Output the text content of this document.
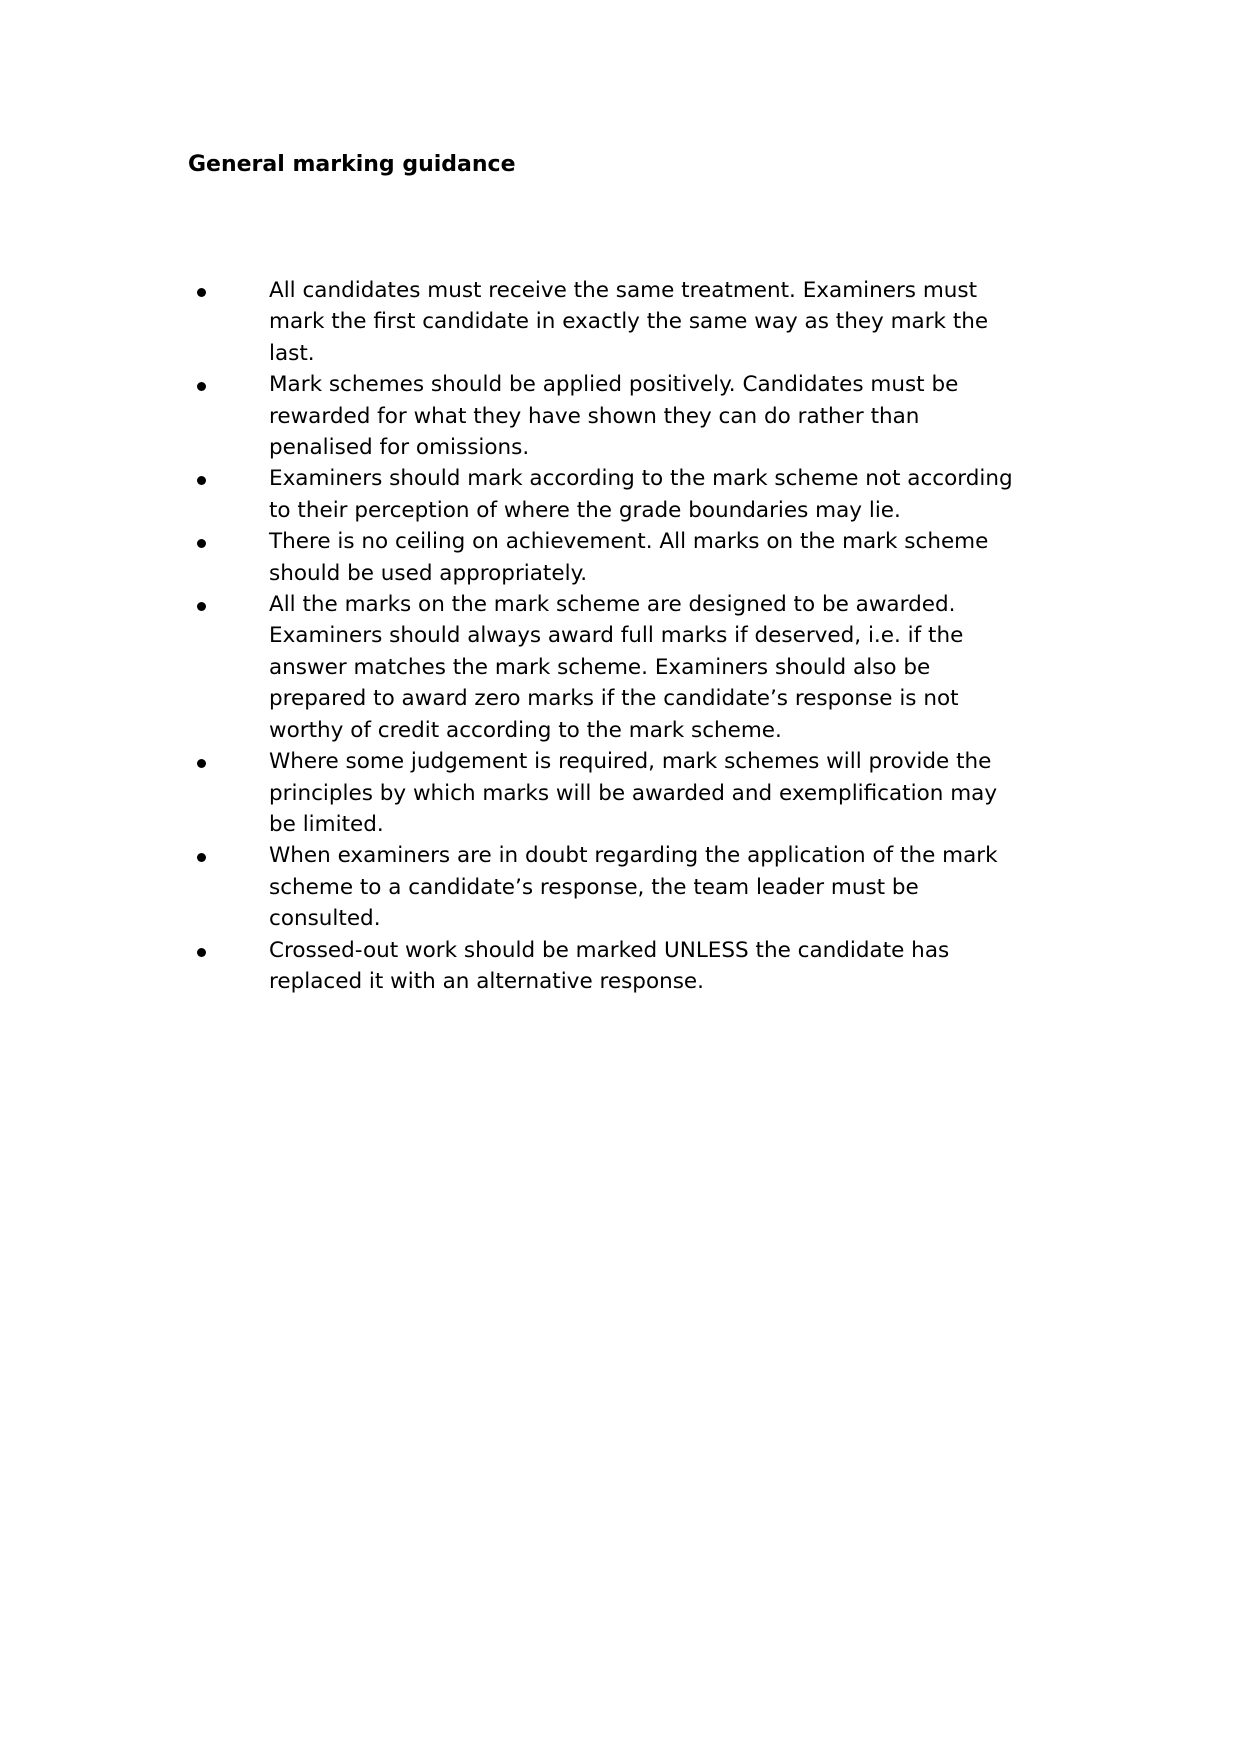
General marking guidance
All candidates must receive the same treatment. Examiners must mark the first candidate in exactly the same way as they mark the last.
Mark schemes should be applied positively. Candidates must be rewarded for what they have shown they can do rather than penalised for omissions.
Examiners should mark according to the mark scheme not according to their perception of where the grade boundaries may lie.
There is no ceiling on achievement. All marks on the mark scheme should be used appropriately.
All the marks on the mark scheme are designed to be awarded. Examiners should always award full marks if deserved, i.e. if the answer matches the mark scheme. Examiners should also be prepared to award zero marks if the candidate’s response is not worthy of credit according to the mark scheme.
Where some judgement is required, mark schemes will provide the principles by which marks will be awarded and exemplification may be limited.
When examiners are in doubt regarding the application of the mark scheme to a candidate’s response, the team leader must be consulted.
Crossed-out work should be marked UNLESS the candidate has replaced it with an alternative response.
